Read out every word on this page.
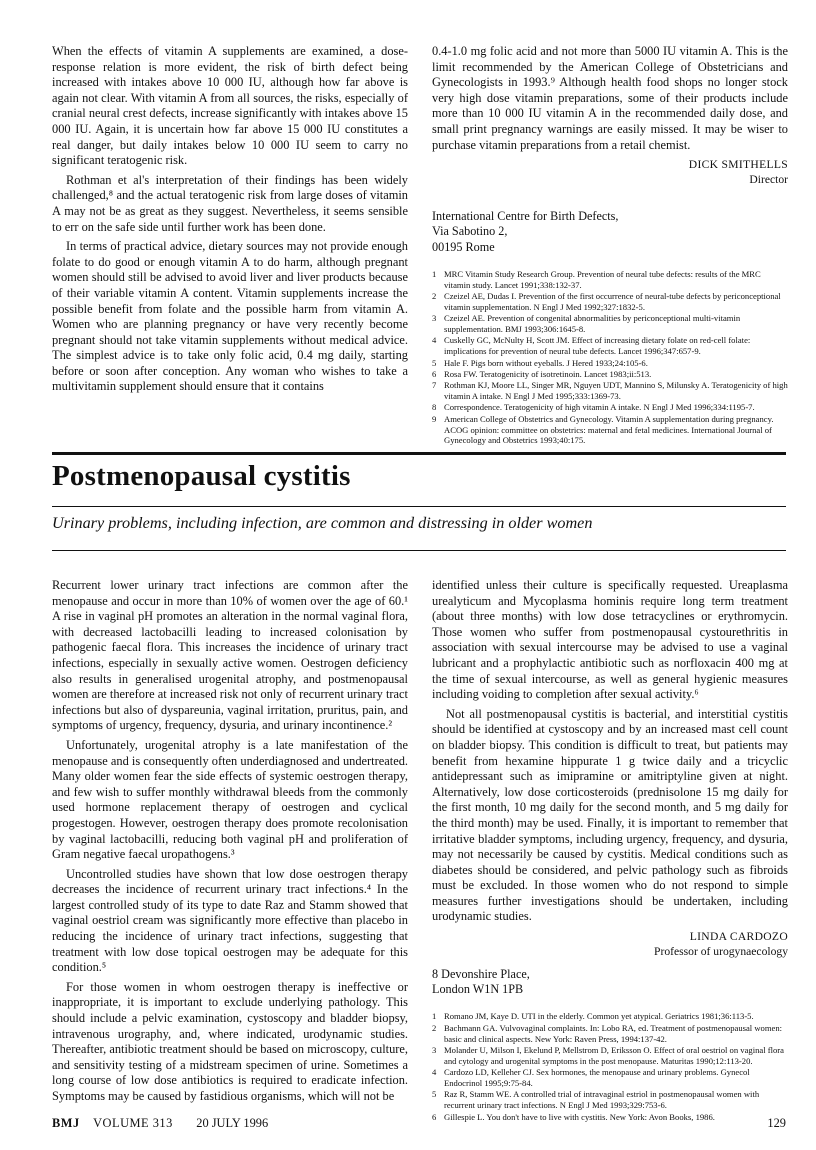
When the effects of vitamin A supplements are examined, a dose-response relation is more evident, the risk of birth defect being increased with intakes above 10 000 IU, although how far above is again not clear. With vitamin A from all sources, the risks, especially of cranial neural crest defects, increase significantly with intakes above 15 000 IU. Again, it is uncertain how far above 15 000 IU constitutes a real danger, but daily intakes below 10 000 IU seem to carry no significant teratogenic risk.

Rothman et al's interpretation of their findings has been widely challenged,⁸ and the actual teratogenic risk from large doses of vitamin A may not be as great as they suggest. Nevertheless, it seems sensible to err on the safe side until further work has been done.

In terms of practical advice, dietary sources may not provide enough folate to do good or enough vitamin A to do harm, although pregnant women should still be advised to avoid liver and liver products because of their variable vitamin A content. Vitamin supplements increase the possible benefit from folate and the possible harm from vitamin A. Women who are planning pregnancy or have very recently become pregnant should not take vitamin supplements without medical advice. The simplest advice is to take only folic acid, 0.4 mg daily, starting before or soon after conception. Any woman who wishes to take a multivitamin supplement should ensure that it contains

0.4-1.0 mg folic acid and not more than 5000 IU vitamin A. This is the limit recommended by the American College of Obstetricians and Gynecologists in 1993.⁹ Although health food shops no longer stock very high dose vitamin preparations, some of their products include more than 10 000 IU vitamin A in the recommended daily dose, and small print pregnancy warnings are easily missed. It may be wiser to purchase vitamin preparations from a retail chemist.

DICK SMITHELLS
Director
International Centre for Birth Defects,
Via Sabotino 2,
00195 Rome
1 MRC Vitamin Study Research Group. Prevention of neural tube defects: results of the MRC vitamin study. Lancet 1991;338:132-37.
2 Czeizel AE, Dudas I. Prevention of the first occurrence of neural-tube defects by periconceptional vitamin supplementation. N Engl J Med 1992;327:1832-5.
3 Czeizel AE. Prevention of congenital abnormalities by periconceptional multi-vitamin supplementation. BMJ 1993;306:1645-8.
4 Cuskelly GC, McNulty H, Scott JM. Effect of increasing dietary folate on red-cell folate: implications for prevention of neural tube defects. Lancet 1996;347:657-9.
5 Hale F. Pigs born without eyeballs. J Hered 1933;24:105-6.
6 Rosa FW. Teratogenicity of isotretinoin. Lancet 1983;ii:513.
7 Rothman KJ, Moore LL, Singer MR, Nguyen UDT, Mannino S, Milunsky A. Teratogenicity of high vitamin A intake. N Engl J Med 1995;333:1369-73.
8 Correspondence. Teratogenicity of high vitamin A intake. N Engl J Med 1996;334:1195-7.
9 American College of Obstetrics and Gynecology. Vitamin A supplementation during pregnancy. ACOG opinion: committee on obstetrics: maternal and fetal medicines. International Journal of Gynecology and Obstetrics 1993;40:175.
Postmenopausal cystitis

Urinary problems, including infection, are common and distressing in older women

Recurrent lower urinary tract infections are common after the menopause and occur in more than 10% of women over the age of 60.¹ A rise in vaginal pH promotes an alteration in the normal vaginal flora, with decreased lactobacilli leading to increased colonisation by pathogenic faecal flora. This increases the incidence of urinary tract infections, especially in sexually active women. Oestrogen deficiency also results in generalised urogenital atrophy, and postmenopausal women are therefore at increased risk not only of recurrent urinary tract infections but also of dyspareunia, vaginal irritation, pruritus, pain, and symptoms of urgency, frequency, dysuria, and urinary incontinence.²

Unfortunately, urogenital atrophy is a late manifestation of the menopause and is consequently often underdiagnosed and undertreated. Many older women fear the side effects of systemic oestrogen therapy, and few wish to suffer monthly withdrawal bleeds from the commonly used hormone replacement therapy of oestrogen and cyclical progestogen. However, oestrogen therapy does promote recolonisation by vaginal lactobacilli, reducing both vaginal pH and proliferation of Gram negative faecal uropathogens.³

Uncontrolled studies have shown that low dose oestrogen therapy decreases the incidence of recurrent urinary tract infections.⁴ In the largest controlled study of its type to date Raz and Stamm showed that vaginal oestriol cream was significantly more effective than placebo in reducing the incidence of urinary tract infections, suggesting that treatment with low dose topical oestrogen may be adequate for this condition.⁵

For those women in whom oestrogen therapy is ineffective or inappropriate, it is important to exclude underlying pathology. This should include a pelvic examination, cystoscopy and bladder biopsy, intravenous urography, and, where indicated, urodynamic studies. Thereafter, antibiotic treatment should be based on microscopy, culture, and sensitivity testing of a midstream specimen of urine. Sometimes a long course of low dose antibiotics is required to eradicate infection. Symptoms may be caused by fastidious organisms, which will not be

identified unless their culture is specifically requested. Ureaplasma urealyticum and Mycoplasma hominis require long term treatment (about three months) with low dose tetracyclines or erythromycin. Those women who suffer from postmenopausal cystourethritis in association with sexual intercourse may be advised to use a vaginal lubricant and a prophylactic antibiotic such as norfloxacin 400 mg at the time of sexual intercourse, as well as general hygienic measures including voiding to completion after sexual activity.⁶

Not all postmenopausal cystitis is bacterial, and interstitial cystitis should be identified at cystoscopy and by an increased mast cell count on bladder biopsy. This condition is difficult to treat, but patients may benefit from hexamine hippurate 1 g twice daily and a tricyclic antidepressant such as imipramine or amitriptyline given at night. Alternatively, low dose corticosteroids (prednisolone 15 mg daily for the first month, 10 mg daily for the second month, and 5 mg daily for the third month) may be used. Finally, it is important to remember that irritative bladder symptoms, including urgency, frequency, and dysuria, may not necessarily be caused by cystitis. Medical conditions such as diabetes should be considered, and pelvic pathology such as fibroids must be excluded. In those women who do not respond to simple measures further investigations should be undertaken, including urodynamic studies.

LINDA CARDOZO
Professor of urogynaecology
8 Devonshire Place,
London W1N 1PB
1 Romano JM, Kaye D. UTI in the elderly. Common yet atypical. Geriatrics 1981;36:113-5.
2 Bachmann GA. Vulvovaginal complaints. In: Lobo RA, ed. Treatment of postmenopausal women: basic and clinical aspects. New York: Raven Press, 1994:137-42.
3 Molander U, Milson I, Ekelund P, Mellstrom D, Eriksson O. Effect of oral oestriol on vaginal flora and cytology and urogenital symptoms in the post menopause. Maturitas 1990;12:113-20.
4 Cardozo LD, Kelleher CJ. Sex hormones, the menopause and urinary problems. Gynecol Endocrinol 1995;9:75-84.
5 Raz R, Stamm WE. A controlled trial of intravaginal estriol in postmenopausal women with recurrent urinary tract infections. N Engl J Med 1993;329:753-6.
6 Gillespie L. You don't have to live with cystitis. New York: Avon Books, 1986.
BMJ VOLUME 313 20 JULY 1996	129
